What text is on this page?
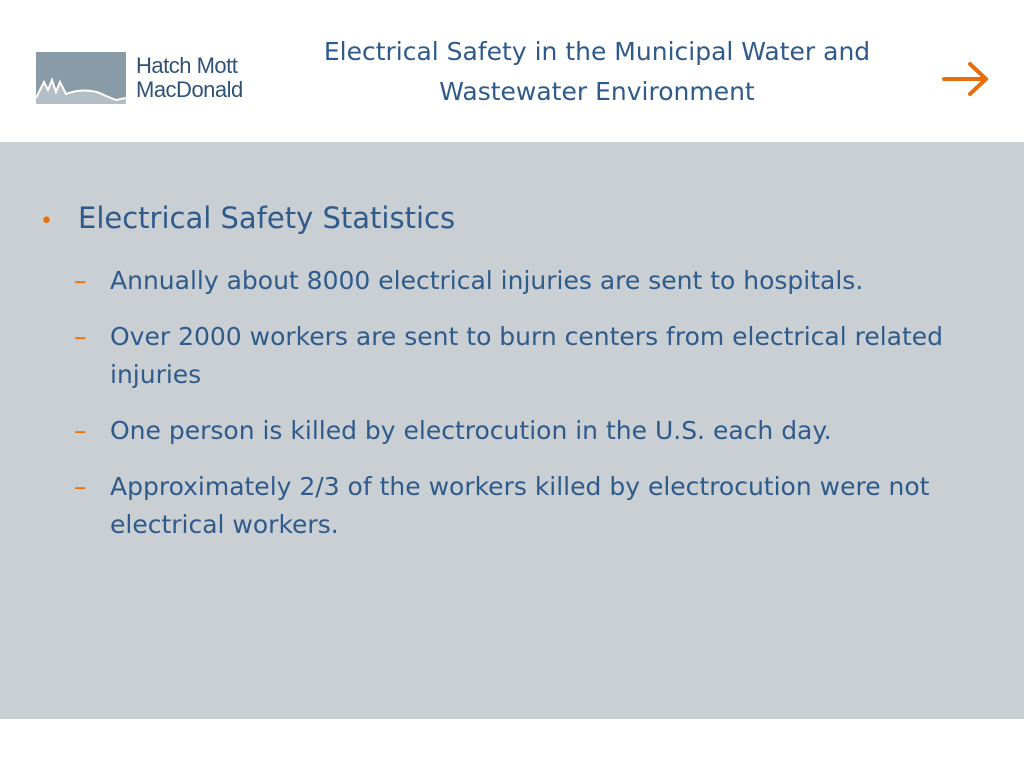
Hatch Mott
MacDonald
Electrical Safety in the Municipal Water and
Wastewater Environment
• Electrical Safety Statistics
– Annually about 8000 electrical injuries are sent to hospitals.
– Over 2000 workers are sent to burn centers from electrical related injuries
– One person is killed by electrocution in the U.S. each day.
– Approximately 2/3 of the workers killed by electrocution were not electrical workers.
